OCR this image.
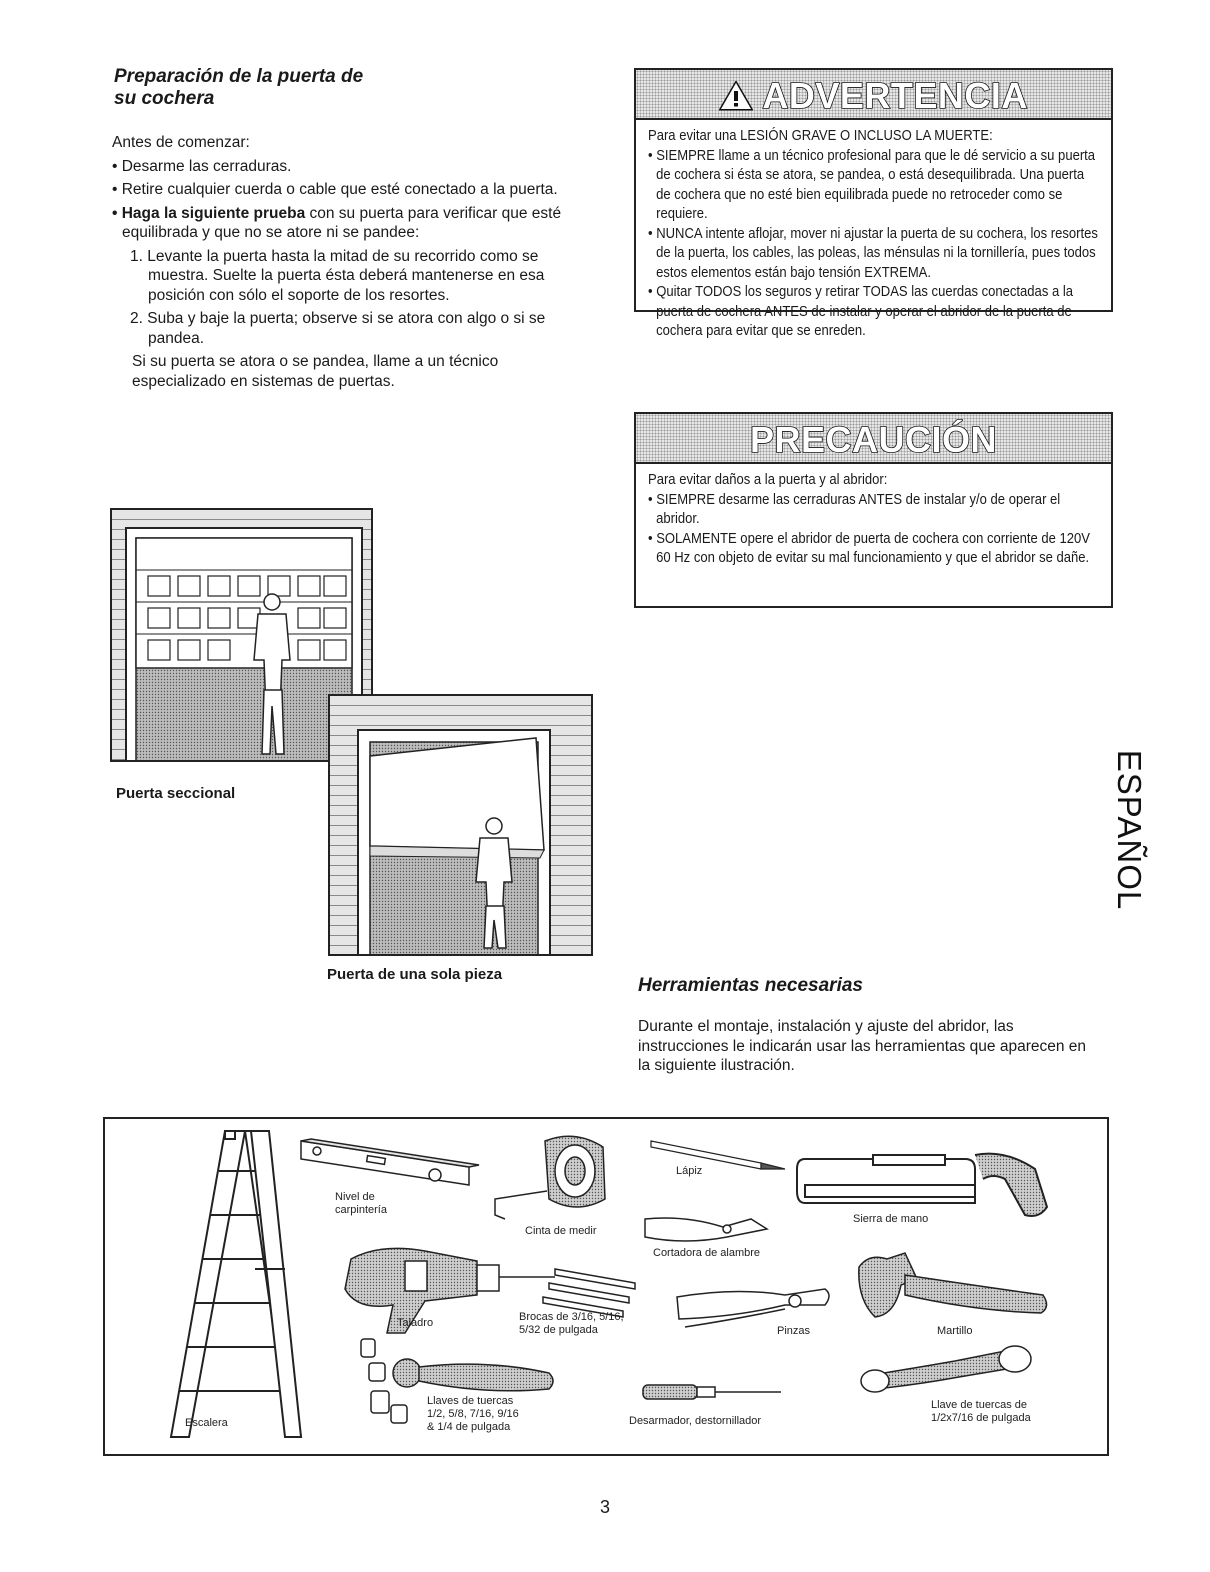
Preparación de la puerta de
su cochera

Antes de comenzar:

• Desarme las cerraduras.

• Retire cualquier cuerda o cable que esté conectado a la puerta.

• Haga la siguiente prueba con su puerta para verificar que esté equilibrada y que no se atore ni se pandee:

1. Levante la puerta hasta la mitad de su recorrido como se muestra. Suelte la puerta ésta deberá mantenerse en esa posición con sólo el soporte de los resortes.

2. Suba y baje la puerta; observe si se atora con algo o si se pandea.

Si su puerta se atora o se pandea, llame a un técnico especializado en sistemas de puertas.

ADVERTENCIA
Para evitar una LESIÓN GRAVE O INCLUSO LA MUERTE:
• SIEMPRE llame a un técnico profesional para que le dé servicio a su puerta de cochera si ésta se atora, se pandea, o está desequilibrada. Una puerta de cochera que no esté bien equilibrada puede no retroceder como se requiere.
• NUNCA intente aflojar, mover ni ajustar la puerta de su cochera, los resortes de la puerta, los cables, las poleas, las ménsulas ni la tornillería, pues todos estos elementos están bajo tensión EXTREMA.
• Quitar TODOS los seguros y retirar TODAS las cuerdas conectadas a la puerta de cochera ANTES de instalar y operar el abridor de la puerta de cochera para evitar que se enreden.
PRECAUCIÓN
Para evitar daños a la puerta y al abridor:
• SIEMPRE desarme las cerraduras ANTES de instalar y/o de operar el abridor.
• SOLAMENTE opere el abridor de puerta de cochera con corriente de 120V 60 Hz con objeto de evitar su mal funcionamiento y que el abridor se dañe.
Puerta seccional
Puerta de una sola pieza
Herramientas necesarias
Durante el montaje, instalación y ajuste del abridor, las instrucciones le indicarán usar las herramientas que aparecen en la siguiente ilustración.
ESPAÑOL
Escalera
Nivel de
carpintería
Cinta de medir
Lápiz
Sierra de mano
Cortadora de alambre
Taladro	Brocas de 3/16, 5/16,
5/32 de pulgada	Pinzas	Martillo
Llaves de tuercas
1/2, 5/8, 7/16, 9/16
& 1/4 de pulgada	Desarmador, destornillador
Llave de tuercas de
1/2x7/16 de pulgada
3
